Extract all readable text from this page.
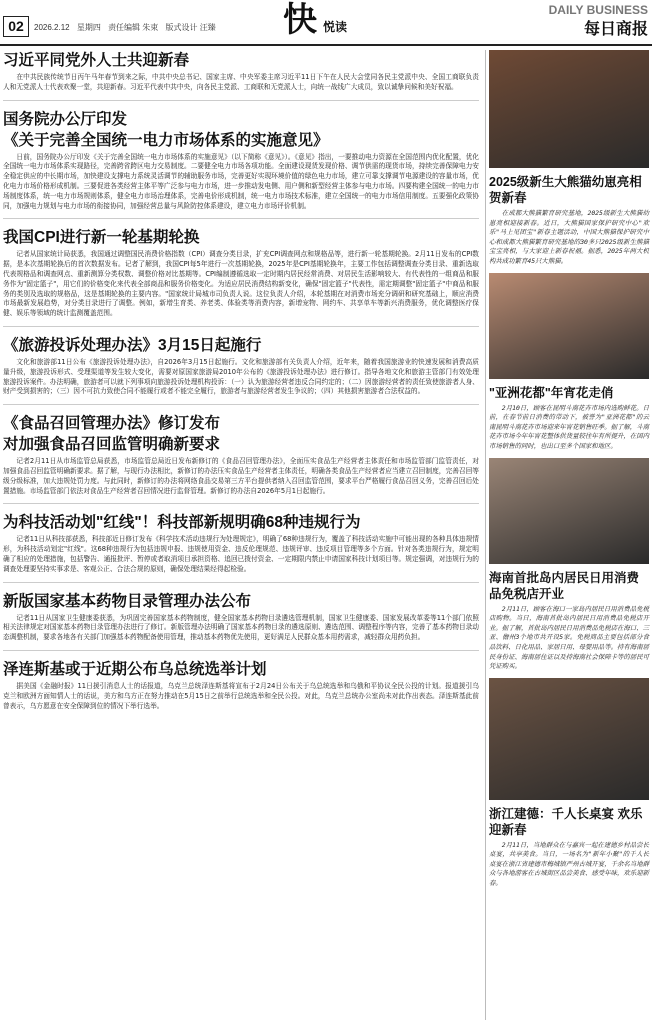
02	2026.2.12 星期四 责任编辑 朱束 版式设计 汪臻 快 悦读
DAILY BUSINESS
每日商报
习近平同党外人士共迎新春

在中共民族传统节日丙午马年春节到来之际，中共中央总书记、国家主席、中央军委主席习近平11日下午在人民大会堂同各民主党派中央、全国工商联负责人和无党派人士代表欢聚一堂，共迎新春。习近平代表中共中央，向各民主党派、工商联和无党派人士，向统一战线广大成员，致以诚挚问候和美好祝福。

国务院办公厅印发
《关于完善全国统一电力市场体系的实施意见》

日前，国务院办公厅印发《关于完善全国统一电力市场体系的实施意见》（以下简称《意见》）。《意见》指出，一要推动电力资源在全国范围内优化配置，优化全国统一电力市场体系实现路径，完善跨省跨区电力交易制度。二要健全电力市场各项功能。全面建设现货发现价格、调节供需的现货市场，持续完善保障电力安全稳定供应的中长期市场，加快建设支撑电力系统灵活调节的辅助服务市场，完善更好实现环境价值的绿色电力市场，建立可靠支撑调节电源建设的容量市场，优化电力市场价格形成机制。三要促进各类经营主体平等广泛参与电力市场，进一步推动发电侧、用户侧和新型经营主体参与电力市场。四要构建全国统一的电力市场制度体系，统一电力市场规则体系，健全电力市场治理体系，完善电价形成机制，统一电力市场技术标准，建立全国统一的电力市场信用制度。五要强化政策协同，加强电力规划与电力市场的衔接协同，加强经营总量与风险防控体系建设，建立电力市场评价机制。

我国CPI进行新一轮基期轮换

记者从国家统计局获悉，我国通过调整国民消费价格指数（CPI）调查分类目录，扩充CPI调查网点和规格品等，进行新一轮基期轮换。2月11日发布的CPI数据，是本次基期轮换后的首次数据发布。记者了解到，我国CPI每5年进行一次基期轮换，2025年是CPI基期轮换年，主要工作包括调整调查分类目录、重新选取代表规格品和调查网点、重新测算分类权数、调整价格对比基期等。CPI编制遵循选取一定时期内居民经常消费、对居民生活影响较大、有代表性的一组商品和服务作为"固定篮子"，用它们的价格变化来代表全部商品和服务价格变化。为适应居民消费结构新变化，确保"固定篮子"代表性，需定期调整"固定篮子"中商品和服务的类别及选取的规格品，这是基期轮换的主要内容。"国家统计局城市司负责人说。这位负责人介绍，本轮基期在对消费市场充分调研和研究基础上，顺应消费市场最新发展趋势，对分类目录进行了调整。例如，新增生育类、养老类、体验类等消费内容，新增宠物、网约车、共享单车等新兴消费服务，优化调整医疗保健、娱乐等领域的统计监测覆盖范围。

《旅游投诉处理办法》3月15日起施行

文化和旅游部11日公布《旅游投诉处理办法》，自2026年3月15日起施行。文化和旅游部有关负责人介绍，近年来，随着我国旅游业的快速发展和消费高质量升级，旅游投诉形式、受理渠道等发生较大变化，需要对原国家旅游局2010年公布的《旅游投诉处理办法》进行修订。指导各地文化和旅游主管部门有效处理旅游投诉案件。办法明确，旅游者可以就下列事项向旅游投诉处理机构投诉：（一）认为旅游经营者违反合同约定的；（二）因旅游经营者的责任致使旅游者人身、财产受到损害的；（三）因不可抗力致使合同不能履行或者不能完全履行，旅游者与旅游经营者发生争议的；（四）其他损害旅游者合法权益的。

《食品召回管理办法》修订发布
对加强食品召回监管明确新要求

记者2月11日从市场监管总局获悉，市场监管总局近日发布新修订的《食品召回管理办法》，全面压实食品生产经营者主体责任和市场监管部门监管责任，对加强食品召回监管明确新要求。据了解，与现行办法相比，新修订的办法压实食品生产经营者主体责任，明确各类食品生产经营者应当建立召回制度，完善召回等级分级标准，加大违规处罚力度。与此同时，新修订的办法将网络食品交易第三方平台提供者纳入召回监管范围，要求平台严格履行食品召回义务，完善召回后处置措施。市场监管部门依法对食品生产经营者召回情况进行监督管理。新修订的办法自2026年5月1日起施行。

为科技活动划"红线"！科技部新规明确68种违规行为

记者11日从科技部获悉，科技部近日修订发布《科学技术活动违规行为处理规定》，明确了68种违规行为，覆盖了科技活动实施中可能出现的各种具体违规情形，为科技活动划定"红线"。这68种违规行为包括违规申报、违规使用资金、违反伦理规范、违规评审、违反项目管理等多个方面。针对各类违规行为，规定明确了相应的处理措施，包括警告、通报批评、暂停或者取消项目承担资格、追回已拨付资金、一定期限内禁止申请国家科技计划项目等。规定强调，对违规行为的调查处理要坚持实事求是、客观公正、合法合规的原则，确保处理结果经得起检验。

新版国家基本药物目录管理办法公布

记者11日从国家卫生健康委获悉，为巩固完善国家基本药物制度，健全国家基本药物目录遴选管理机制，国家卫生健康委、国家发展改革委等11个部门依照相关法律规定对国家基本药物目录管理办法进行了修订。新版管理办法明确了国家基本药物目录的遴选原则、遴选范围、调整程序等内容，完善了基本药物目录动态调整机制，要求各地各有关部门加强基本药物配备使用管理，推动基本药物优先使用，更好满足人民群众基本用药需求，减轻群众用药负担。

泽连斯基或于近期公布乌总统选举计划

据美国《金融时报》11日援引消息人士的话报道，乌克兰总统泽连斯基将宣布于2月24日公布关于乌总统选举和乌俄和平协议全民公投的计划。报道援引乌克兰和欧洲方面知情人士的话说，美方和乌方正在努力推动在5月15日之前举行总统选举和全民公投。对此，乌克兰总统办公室尚未对此作出表态。泽连斯基此前曾表示，乌方愿意在安全保障到位的情况下举行选举。

2025级新生大熊猫幼崽亮相贺新春

在成都大熊猫繁育研究基地，2025级新生大熊猫幼崽亮相迎接新春。近日，大熊猫国家保护研究中心"欢乐"马上见团宝"新春主题活动，中国大熊猫保护研究中心和成都大熊猫繁育研究基地的30多只2025级新生熊猫宝宝亮相，与大家迎上新春祝福。据悉，2025年两大机构共成功繁育45只大熊猫。

"亚洲花都"年宵花走俏

2月10日，顾客在昆明斗南花卉市场内选购鲜花。日前，在春节前日消费的带动下，被誉为"亚洲花都"的云南昆明斗南花卉市场迎来年宵花销售旺季。据了解，斗南花卉市场今年年宵花整体供货量较往年有所提升，在国内市场销售的同时，也出口至多个国家和地区。

海南首批岛内居民日用消费品免税店开业

2月11日，顾客在海口一家岛内居民日用消费品免税店购物。当日，海南首批岛内居民日用消费品免税店开业。据了解，首批岛内居民日用消费品免税店在海口、三亚、儋州3个地市共开设5家。免税商品主要包括部分食品饮料、日化用品、家居日用、母婴用品等。持有海南居民身份证、海南居住证以及持海南社会保障卡等的居民可凭证购买。

浙江建德：千人长桌宴 欢乐迎新春

2月11日，当地群众在与嘉宾一起在建德乡村品尝长桌宴，共享美食。当日，一场名为"新年小聚"的千人长桌宴在浙江省建德市梅城镇严州古城开宴，千余名当地群众与各地游客在古城街区品尝美食、感受年味，欢乐迎新春。
